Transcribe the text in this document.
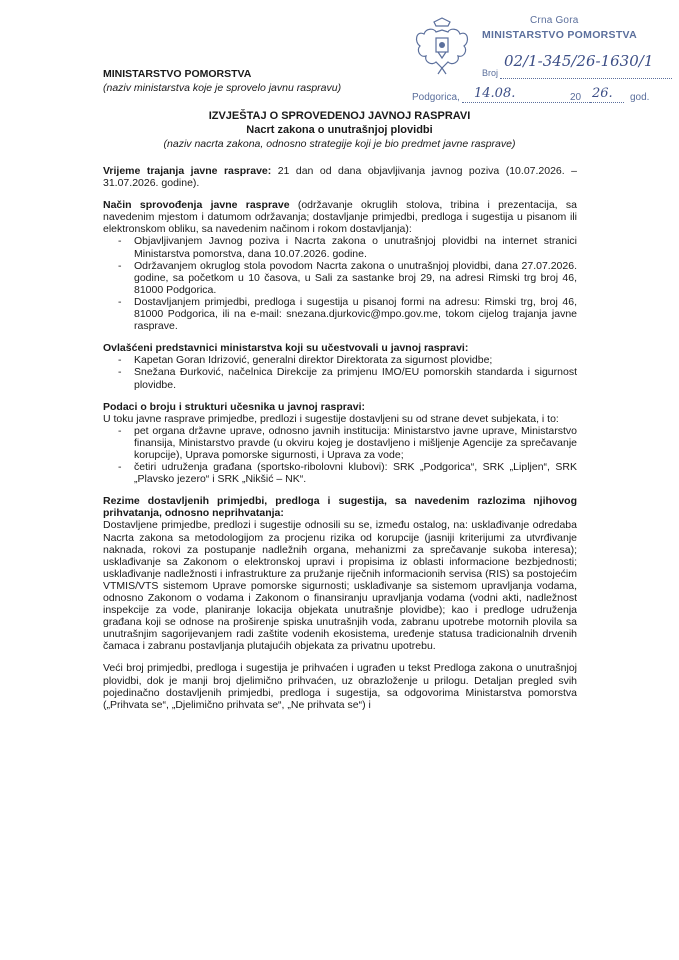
Crna Gora
MINISTARSTVO POMORSTVA
Broj
02/1-345/26-1630/1
Podgorica, 14.08.	20 26. god.
MINISTARSTVO POMORSTVA
(naziv ministarstva koje je sprovelo javnu raspravu)
IZVJEŠTAJ O SPROVEDENOJ JAVNOJ RASPRAVI
Nacrt zakona o unutrašnjoj plovidbi
(naziv nacrta zakona, odnosno strategije koji je bio predmet javne rasprave)

Vrijeme trajanja javne rasprave: 21 dan od dana objavljivanja javnog poziva (10.07.2026. – 31.07.2026. godine).

Način sprovođenja javne rasprave (održavanje okruglih stolova, tribina i prezentacija, sa navedenim mjestom i datumom održavanja; dostavljanje primjedbi, predloga i sugestija u pisanom ili elektronskom obliku, sa navedenim načinom i rokom dostavljanja):

- Objavljivanjem Javnog poziva i Nacrta zakona o unutrašnjoj plovidbi na internet stranici Ministarstva pomorstva, dana 10.07.2026. godine.
- Održavanjem okruglog stola povodom Nacrta zakona o unutrašnjoj plovidbi, dana 27.07.2026. godine, sa početkom u 10 časova, u Sali za sastanke broj 29, na adresi Rimski trg broj 46, 81000 Podgorica.
- Dostavljanjem primjedbi, predloga i sugestija u pisanoj formi na adresu: Rimski trg, broj 46, 81000 Podgorica, ili na e-mail: snezana.djurkovic@mpo.gov.me, tokom cijelog trajanja javne rasprave.

Ovlašćeni predstavnici ministarstva koji su učestvovali u javnoj raspravi:

- Kapetan Goran Idrizović, generalni direktor Direktorata za sigurnost plovidbe;
- Snežana Đurković, načelnica Direkcije za primjenu IMO/EU pomorskih standarda i sigurnost plovidbe.

Podaci o broju i strukturi učesnika u javnoj raspravi:

U toku javne rasprave primjedbe, predlozi i sugestije dostavljeni su od strane devet subjekata, i to:

- pet organa državne uprave, odnosno javnih institucija: Ministarstvo javne uprave, Ministarstvo finansija, Ministarstvo pravde (u okviru kojeg je dostavljeno i mišljenje Agencije za sprečavanje korupcije), Uprava pomorske sigurnosti, i Uprava za vode;
- četiri udruženja građana (sportsko-ribolovni klubovi): SRK „Podgorica“, SRK „Lipljen“, SRK „Plavsko jezero“ i SRK „Nikšić – NK“.

Rezime dostavljenih primjedbi, predloga i sugestija, sa navedenim razlozima njihovog prihvatanja, odnosno neprihvatanja:

Dostavljene primjedbe, predlozi i sugestije odnosili su se, između ostalog, na: usklađivanje odredaba Nacrta zakona sa metodologijom za procjenu rizika od korupcije (jasniji kriterijumi za utvrđivanje naknada, rokovi za postupanje nadležnih organa, mehanizmi za sprečavanje sukoba interesa); usklađivanje sa Zakonom o elektronskoj upravi i propisima iz oblasti informacione bezbjednosti; usklađivanje nadležnosti i infrastrukture za pružanje riječnih informacionih servisa (RIS) sa postojećim VTMIS/VTS sistemom Uprave pomorske sigurnosti; usklađivanje sa sistemom upravljanja vodama, odnosno Zakonom o vodama i Zakonom o finansiranju upravljanja vodama (vodni akti, nadležnost inspekcije za vode, planiranje lokacija objekata unutrašnje plovidbe); kao i predloge udruženja građana koji se odnose na proširenje spiska unutrašnjih voda, zabranu upotrebe motornih plovila sa unutrašnjim sagorijevanjem radi zaštite vodenih ekosistema, uređenje statusa tradicionalnih drvenih čamaca i zabranu postavljanja plutajućih objekata za privatnu upotrebu.

Veći broj primjedbi, predloga i sugestija je prihvaćen i ugrađen u tekst Predloga zakona o unutrašnjoj plovidbi, dok je manji broj djelimično prihvaćen, uz obrazloženje u prilogu. Detaljan pregled svih pojedinačno dostavljenih primjedbi, predloga i sugestija, sa odgovorima Ministarstva pomorstva („Prihvata se“, „Djelimično prihvata se“, „Ne prihvata se“) i
